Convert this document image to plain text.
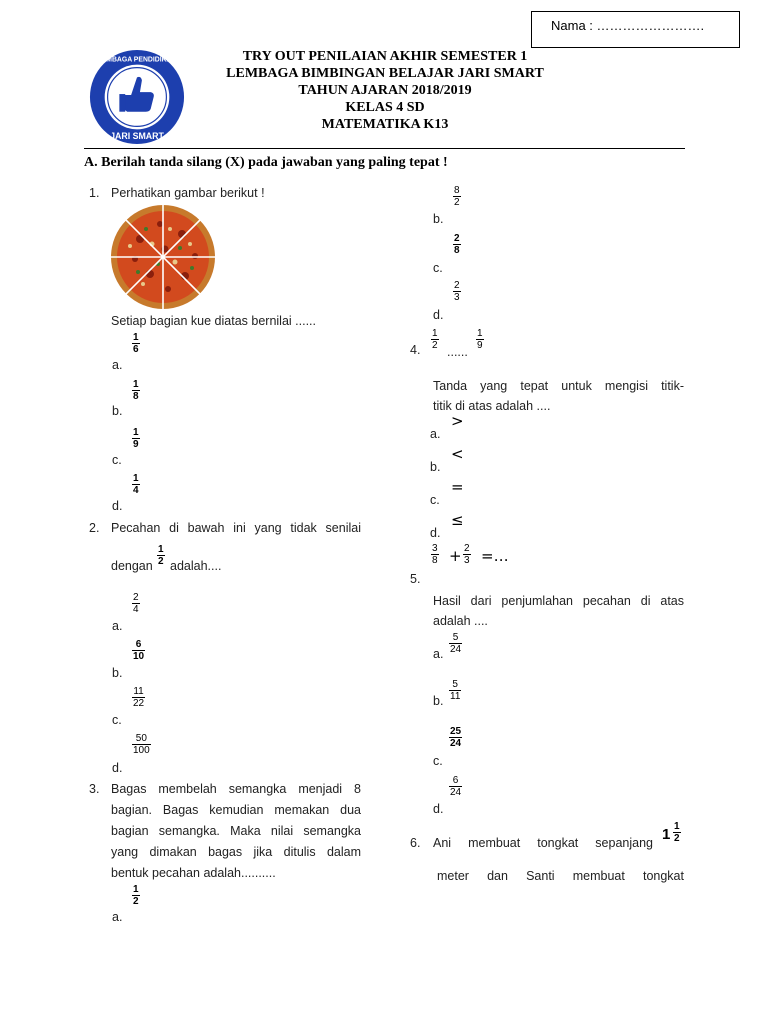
Nama : …………………….
LEMBAGA PENDIDIKAN
JARI SMART
TRY OUT PENILAIAN AKHIR SEMESTER 1
LEMBAGA BIMBINGAN BELAJAR JARI SMART
TAHUN AJARAN 2018/2019
KELAS 4 SD
MATEMATIKA K13
A. Berilah tanda silang (X) pada jawaban yang paling tepat !
1. Perhatikan gambar berikut !
Setiap bagian kue diatas bernilai ......
a.
1
6
b.
1
8
c.
1
9
d.
1
4
2. Pecahan di bawah ini yang tidak senilai
dengan
1
2 adalah....
a.
2
4
b.
6
10
c.
11
22
d.
50
100
3. Bagas membelah semangka menjadi 8
bagian. Bagas kemudian memakan dua
bagian semangka. Maka nilai semangka
yang dimakan bagas jika ditulis dalam
bentuk pecahan adalah..........
a.
1
2
b.
8
2
c.
2
8
d.
2
3
4.
1
2 ......
1
9
Tanda yang tepat untuk mengisi titik-
titik di atas adalah ....
a.
>
b.
<
c.
=
d.
≤
3
8 + 2
3 =…
5.
Hasil dari penjumlahan pecahan di atas
adalah ....
a.
5
24
b.
5
11
c.
25
24
d.
6
24
6. Ani membuat tongkat sepanjang 1 1
2
meter dan Santi membuat tongkat
